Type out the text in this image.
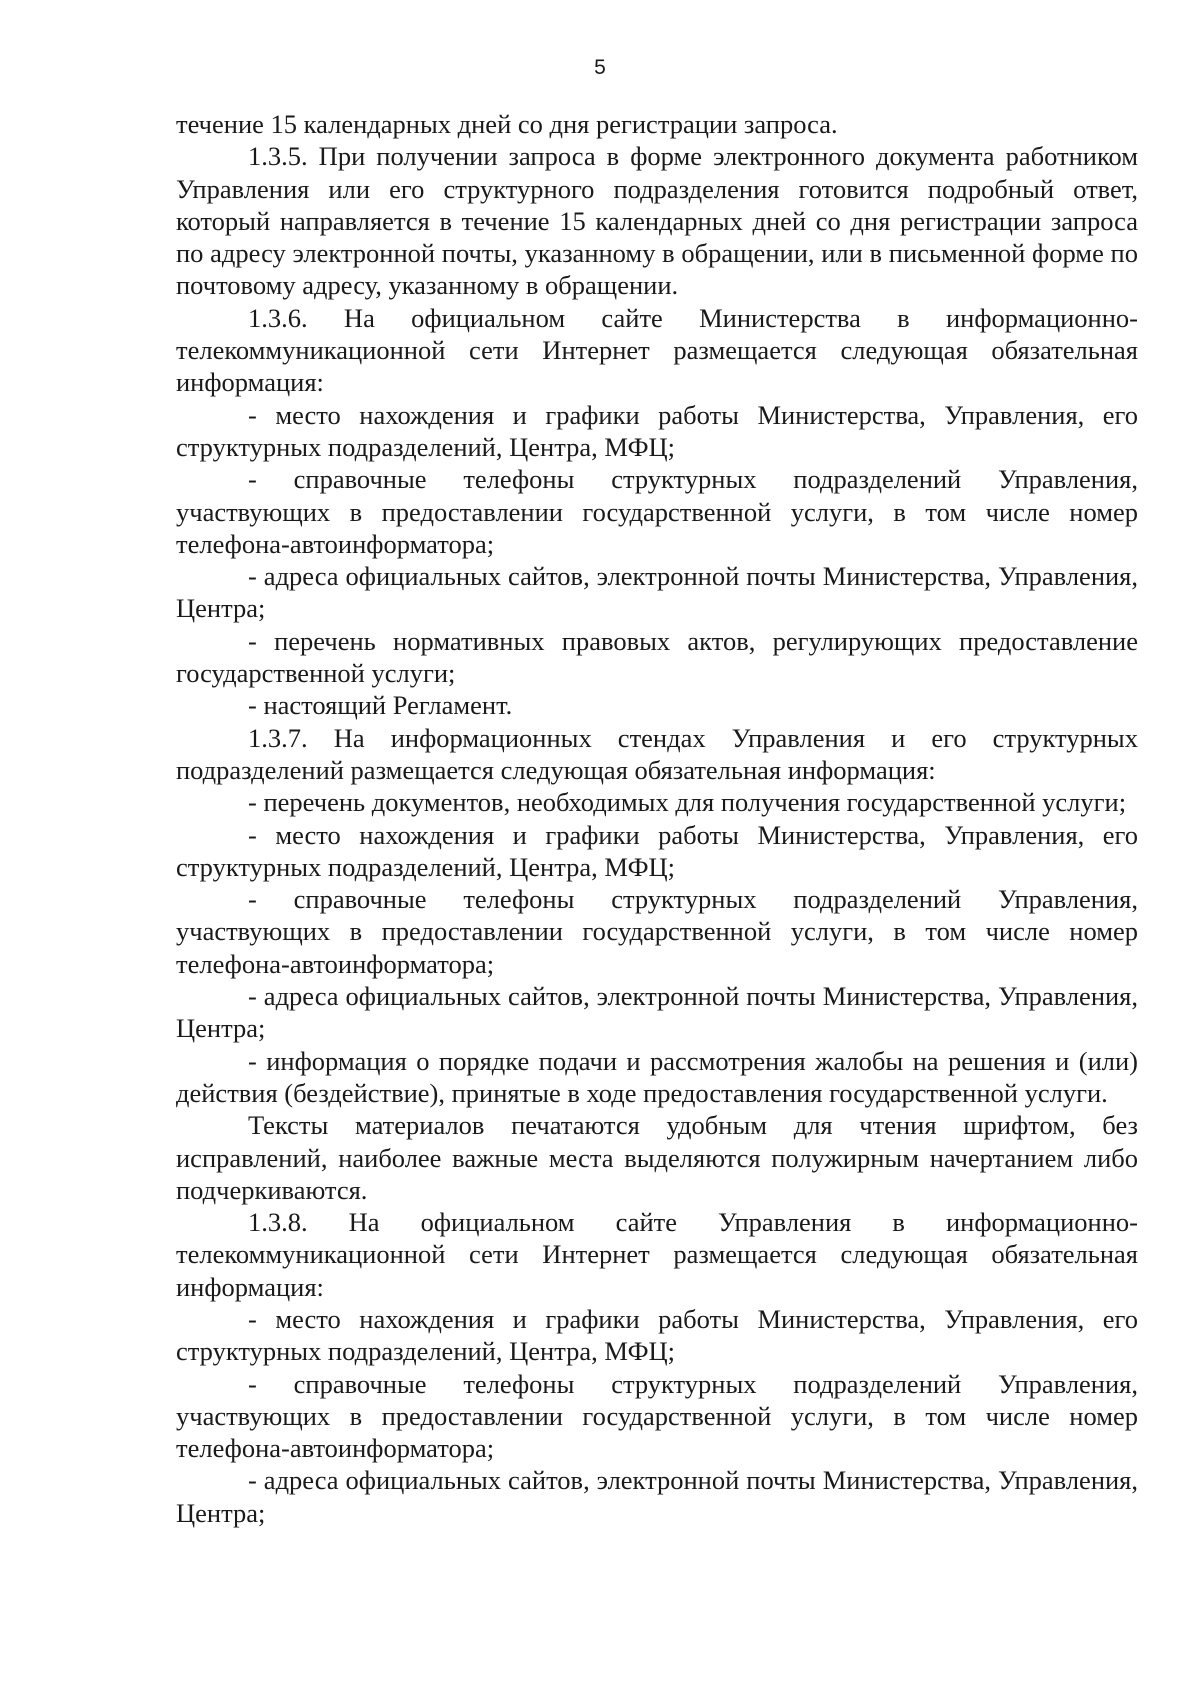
5

течение 15 календарных дней со дня регистрации запроса.

1.3.5. При получении запроса в форме электронного документа работником Управления или его структурного подразделения готовится подробный ответ, который направляется в течение 15 календарных дней со дня регистрации запроса по адресу электронной почты, указанному в обращении, или в письменной форме по почтовому адресу, указанному в обращении.

1.3.6. На официальном сайте Министерства в информационно-телекоммуникационной сети Интернет размещается следующая обязательная информация:

- место нахождения и графики работы Министерства, Управления, его структурных подразделений, Центра, МФЦ;

- справочные телефоны структурных подразделений Управления, участвующих в предоставлении государственной услуги, в том числе номер телефона-автоинформатора;

- адреса официальных сайтов, электронной почты Министерства, Управления, Центра;

- перечень нормативных правовых актов, регулирующих предоставление государственной услуги;

- настоящий Регламент.

1.3.7. На информационных стендах Управления и его структурных подразделений размещается следующая обязательная информация:

- перечень документов, необходимых для получения государственной услуги;

- место нахождения и графики работы Министерства, Управления, его структурных подразделений, Центра, МФЦ;

- справочные телефоны структурных подразделений Управления, участвующих в предоставлении государственной услуги, в том числе номер телефона-автоинформатора;

- адреса официальных сайтов, электронной почты Министерства, Управления, Центра;

- информация о порядке подачи и рассмотрения жалобы на решения и (или) действия (бездействие), принятые в ходе предоставления государственной услуги.

Тексты материалов печатаются удобным для чтения шрифтом, без исправлений, наиболее важные места выделяются полужирным начертанием либо подчеркиваются.

1.3.8. На официальном сайте Управления в информационно-телекоммуникационной сети Интернет размещается следующая обязательная информация:

- место нахождения и графики работы Министерства, Управления, его структурных подразделений, Центра, МФЦ;

- справочные телефоны структурных подразделений Управления, участвующих в предоставлении государственной услуги, в том числе номер телефона-автоинформатора;

- адреса официальных сайтов, электронной почты Министерства, Управления, Центра;
